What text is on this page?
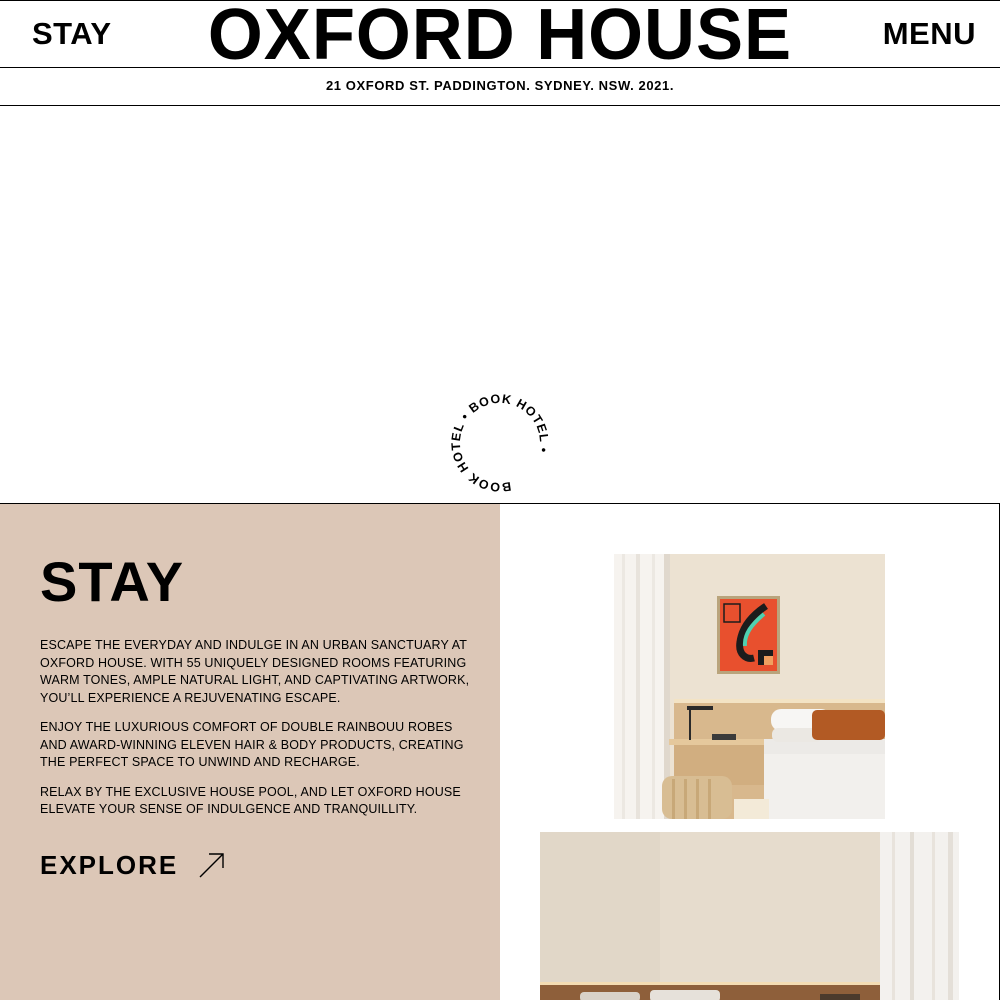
STAY	OXFORD HOUSE	MENU
21 OXFORD ST. PADDINGTON. SYDNEY. NSW. 2021.
BOOK HOTEL • BOOK HOTEL •
STAY

ESCAPE THE EVERYDAY AND INDULGE IN AN URBAN SANCTUARY AT OXFORD HOUSE. WITH 55 UNIQUELY DESIGNED ROOMS FEATURING WARM TONES, AMPLE NATURAL LIGHT, AND CAPTIVATING ARTWORK, YOU’LL EXPERIENCE A REJUVENATING ESCAPE.

ENJOY THE LUXURIOUS COMFORT OF DOUBLE RAINBOUU ROBES AND AWARD-WINNING ELEVEN HAIR & BODY PRODUCTS, CREATING THE PERFECT SPACE TO UNWIND AND RECHARGE.

RELAX BY THE EXCLUSIVE HOUSE POOL, AND LET OXFORD HOUSE ELEVATE YOUR SENSE OF INDULGENCE AND TRANQUILLITY.

EXPLORE
